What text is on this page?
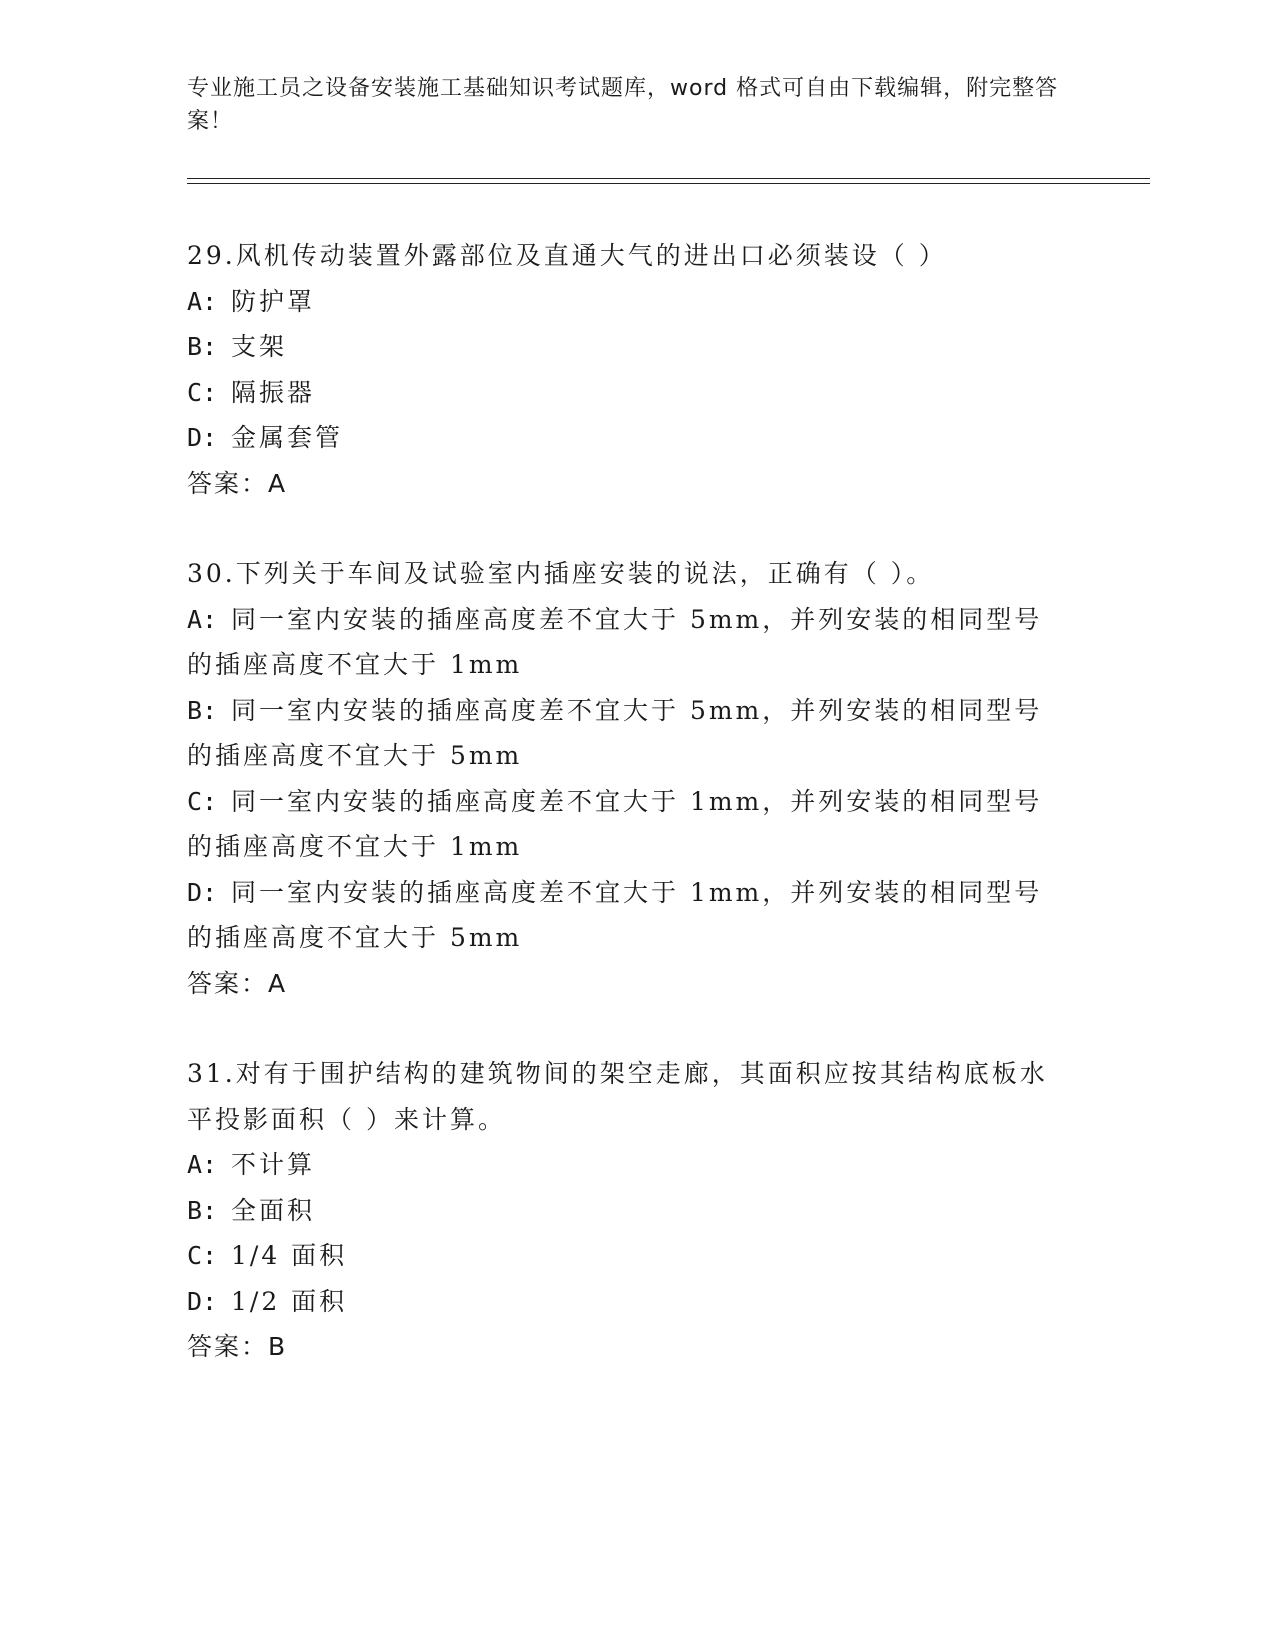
专业施工员之设备安装施工基础知识考试题库，word 格式可自由下载编辑，附完整答案！

29.风机传动装置外露部位及直通大气的进出口必须装设（ ）

A: 防护罩

B: 支架

C: 隔振器

D: 金属套管

答案：A

30.下列关于车间及试验室内插座安装的说法，正确有（ ）。

A: 同一室内安装的插座高度差不宜大于 5mm，并列安装的相同型号的插座高度不宜大于 1mm

B: 同一室内安装的插座高度差不宜大于 5mm，并列安装的相同型号的插座高度不宜大于 5mm

C: 同一室内安装的插座高度差不宜大于 1mm，并列安装的相同型号的插座高度不宜大于 1mm

D: 同一室内安装的插座高度差不宜大于 1mm，并列安装的相同型号的插座高度不宜大于 5mm

答案：A

31.对有于围护结构的建筑物间的架空走廊，其面积应按其结构底板水平投影面积（ ）来计算。

A: 不计算

B: 全面积

C: 1/4 面积

D: 1/2 面积

答案：B
